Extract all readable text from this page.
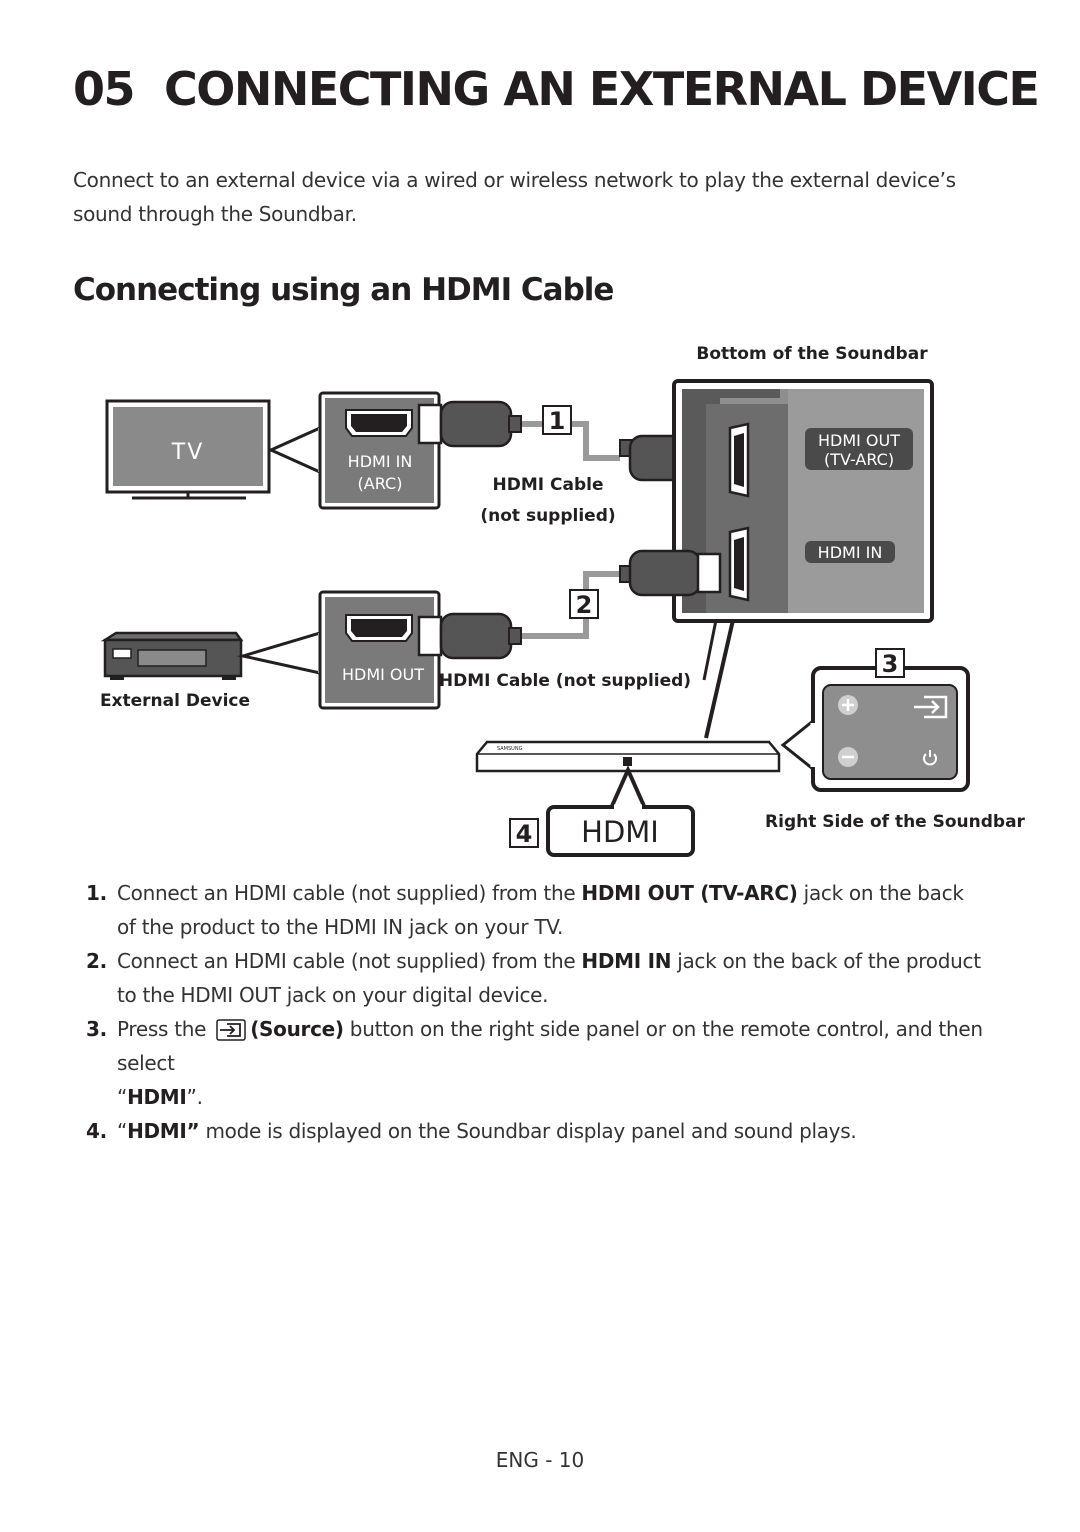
05 CONNECTING AN EXTERNAL DEVICE
Connect to an external device via a wired or wireless network to play the external device’s sound through the Soundbar.
Connecting using an HDMI Cable
Bottom of the Soundbar
TV	HDMI IN
(ARC)
1
HDMI Cable
(not supplied)
HDMI OUT
(TV-ARC)
HDMI IN
External Device
HDMI OUT
2
HDMI Cable (not supplied)
SAMSUNG
HDMI
4
3
Right Side of the Soundbar
1. Connect an HDMI cable (not supplied) from the HDMI OUT (TV-ARC) jack on the back of the product to the HDMI IN jack on your TV.
2. Connect an HDMI cable (not supplied) from the HDMI IN jack on the back of the product to the HDMI OUT jack on your digital device.
3. Press the (Source) button on the right side panel or on the remote control, and then select
“HDMI”.
4. “HDMI” mode is displayed on the Soundbar display panel and sound plays.
ENG - 10
